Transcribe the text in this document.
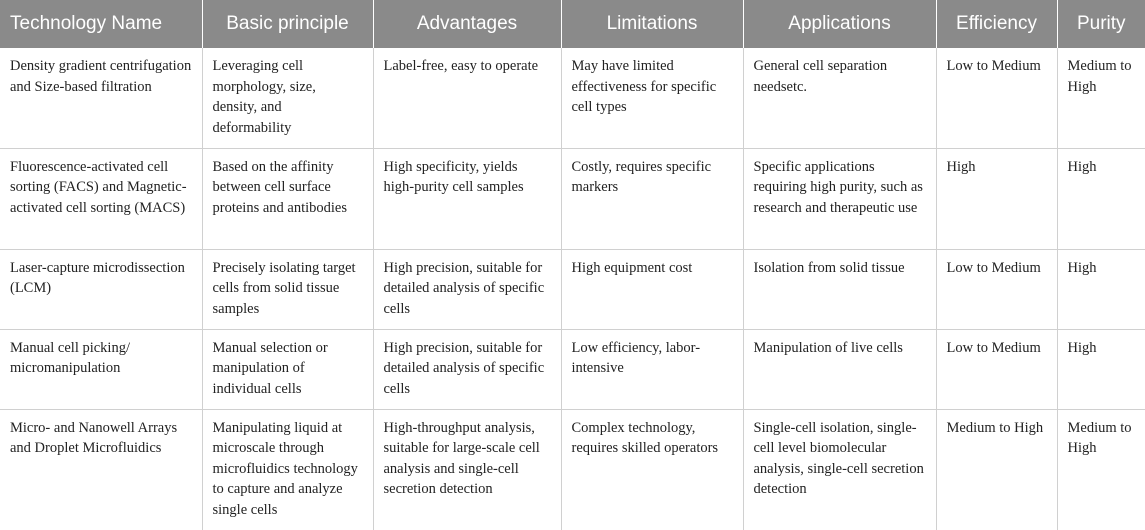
Technology Name	Basic principle	Advantages	Limitations	Applications	Efficiency	Purity
Density gradient centrifugation and Size-based filtration	Leveraging cell morphology, size, density, and deformability	Label-free, easy to operate	May have limited effectiveness for specific cell types	General cell separation needsetc.	Low to Medium	Medium to High
Fluorescence-activated cell sorting (FACS) and Magnetic-activated cell sorting (MACS)	Based on the affinity between cell surface proteins and antibodies	High specificity, yields high-purity cell samples	Costly, requires specific markers	Specific applications requiring high purity, such as research and therapeutic use	High	High
Laser-capture microdissection (LCM)	Precisely isolating target cells from solid tissue samples	High precision, suitable for detailed analysis of specific cells	High equipment cost	Isolation from solid tissue	Low to Medium	High
Manual cell picking/ micromanipulation	Manual selection or manipulation of individual cells	High precision, suitable for detailed analysis of specific cells	Low efficiency, labor-intensive	Manipulation of live cells	Low to Medium	High
Micro- and Nanowell Arrays and Droplet Microfluidics	Manipulating liquid at microscale through microfluidics technology to capture and analyze single cells	High-throughput analysis, suitable for large-scale cell analysis and single-cell secretion detection	Complex technology, requires skilled operators	Single-cell isolation, single-cell level biomolecular analysis, single-cell secretion detection	Medium to High	Medium to High
